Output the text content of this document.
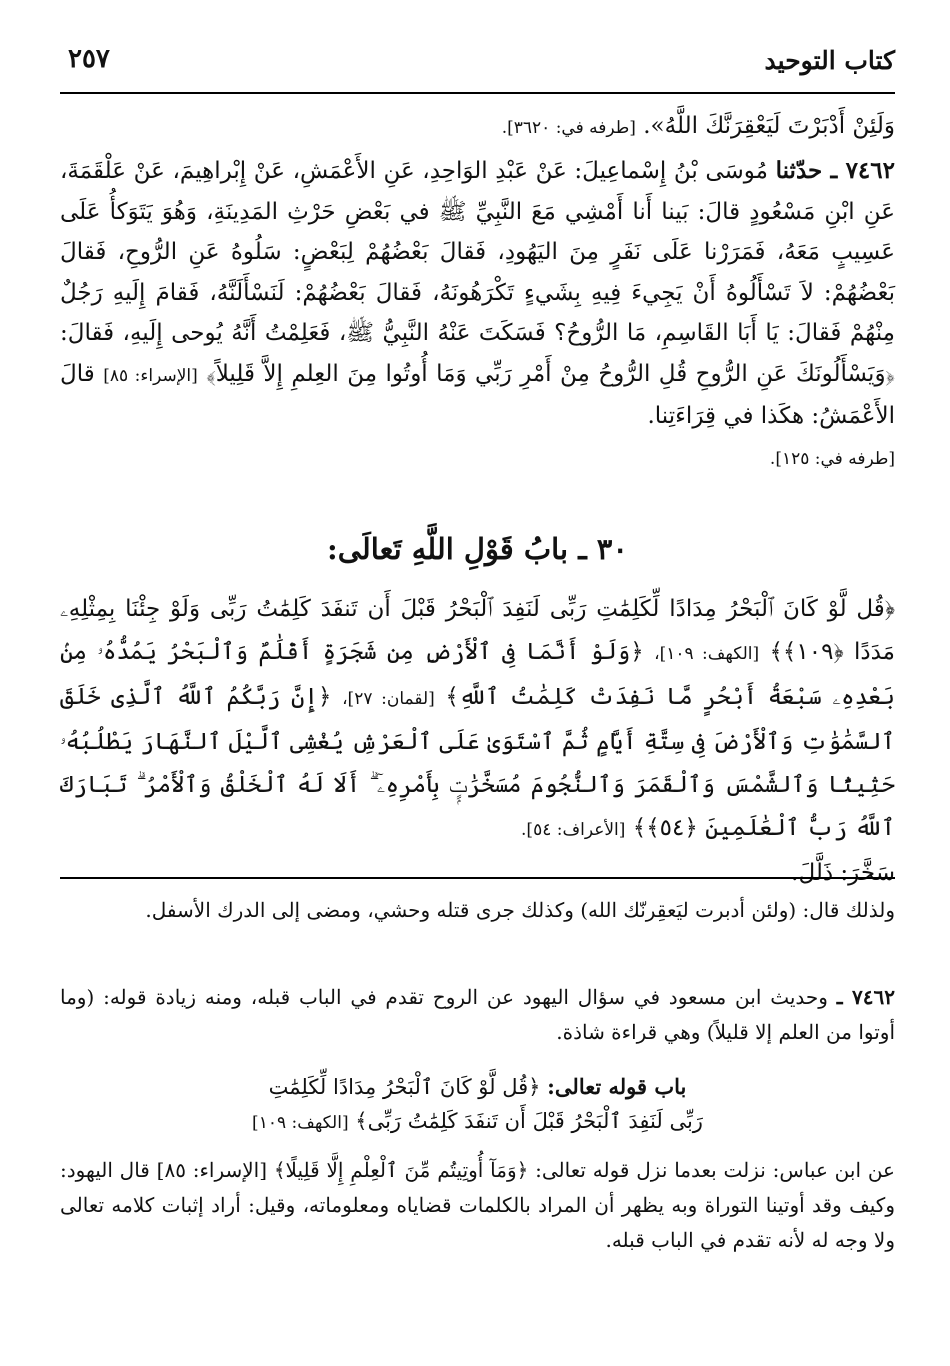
كتاب التوحيد
٢٥٧

وَلَئِنْ أَدْبَرْتَ لَيَعْقِرَنَّكَ اللَّهُ». [طرفه في: ٣٦٢٠].

٧٤٦٢ ـ حدّثنا مُوسَى بْنُ إِسْماعِيلَ: عَنْ عَبْدِ الوَاحِدِ، عَنِ الأَعْمَشِ، عَنْ إِبْراهِيمَ، عَنْ عَلْقَمَةَ، عَنِ ابْنِ مَسْعُودٍ قالَ: بَينا أَنا أَمْشِي مَعَ النَّبِيِّ ﷺ في بَعْضِ حَرْثِ المَدِينَةِ، وَهُوَ يَتَوَكأُ عَلَى عَسِيبٍ مَعَهُ، فَمَرَرْنا عَلَى نَفَرٍ مِنَ اليَهُودِ، فَقالَ بَعْضُهُمْ لِبَعْضٍ: سَلُوهُ عَنِ الرُّوحِ، فَقالَ بَعْضُهُمْ: لاَ تَسْأَلُوهُ أَنْ يَجِيءَ فِيهِ بِشَيءٍ تَكْرَهُونَهُ، فَقالَ بَعْضُهُمْ: لَنَسْأَلَنَّهُ، فَقامَ إِلَيهِ رَجُلٌ مِنْهُمْ فَقالَ: يَا أَبَا القَاسِمِ، مَا الرُّوحُ؟ فَسَكَتَ عَنْهُ النَّبِيُّ ﷺ، فَعَلِمْتُ أَنَّهُ يُوحى إِلَيهِ، فَقالَ: ﴿وَيَسْأَلُونَكَ عَنِ الرُّوحِ قُلِ الرُّوحُ مِنْ أَمْرِ رَبِّي وَمَا أُوتُوا مِنَ العِلمِ إِلاَّ قَلِيلاً﴾ [الإسراء: ٨٥] قالَ الأَعْمَشُ: هكَذا في قِرَاءَتِنا.
[طرفه في: ١٢٥].

٣٠ ـ بابُ قَوْلِ اللَّهِ تَعالَى:

﴿قُل لَّوْ كَانَ ٱلْبَحْرُ مِدَادًا لِّكَلِمَٰتِ رَبِّى لَنَفِدَ ٱلْبَحْرُ قَبْلَ أَن تَنفَدَ كَلِمَٰتُ رَبِّى وَلَوْ جِئْنَا بِمِثْلِهِۦ مَدَدًا ﴿١٠٩﴾﴾ [الكهف: ١٠٩]، ﴿وَلَوْ أَنَّمَا فِى ٱلْأَرْضِ مِن شَجَرَةٍ أَقْلَٰمٌ وَٱلْبَحْرُ يَمُدُّهُۥ مِنۢ بَعْدِهِۦ سَبْعَةُ أَبْحُرٍ مَّا نَفِدَتْ كَلِمَٰتُ ٱللَّهِ﴾ [لقمان: ٢٧]، ﴿إِنَّ رَبَّكُمُ ٱللَّهُ ٱلَّذِى خَلَقَ ٱلسَّمَٰوَٰتِ وَٱلْأَرْضَ فِى سِتَّةِ أَيَّامٍ ثُمَّ ٱسْتَوَىٰ عَلَى ٱلْعَرْشِ يُغْشِى ٱلَّيْلَ ٱلنَّهَارَ يَطْلُبُهُۥ حَثِيثًا وَٱلشَّمْسَ وَٱلْقَمَرَ وَٱلنُّجُومَ مُسَخَّرَٰتٍۭ بِأَمْرِهِۦٓ ۗ أَلَا لَهُ ٱلْخَلْقُ وَٱلْأَمْرُ ۗ تَبَارَكَ ٱللَّهُ رَبُّ ٱلْعَٰلَمِينَ ﴿٥٤﴾﴾ [الأعراف: ٥٤].
سَخَّرَ: ذَلَّلَ.

ولذلك قال: (ولئن أدبرت ليَعقِرنّك الله) وكذلك جرى قتله وحشي، ومضى إلى الدرك الأسفل.

٧٤٦٢ ـ وحديث ابن مسعود في سؤال اليهود عن الروح تقدم في الباب قبله، ومنه زيادة قوله: (وما أوتوا من العلم إلا قليلاً) وهي قراءة شاذة.

باب قوله تعالى: ﴿قُل لَّوْ كَانَ ٱلْبَحْرُ مِدَادًا لِّكَلِمَٰتِ
رَبِّى لَنَفِدَ ٱلْبَحْرُ قَبْلَ أَن تَنفَدَ كَلِمَٰتُ رَبِّى﴾ [الكهف: ١٠٩]

عن ابن عباس: نزلت بعدما نزل قوله تعالى: ﴿وَمَآ أُوتِيتُم مِّنَ ٱلْعِلْمِ إِلَّا قَلِيلًا﴾ [الإسراء: ٨٥] قال اليهود: وكيف وقد أوتينا التوراة وبه يظهر أن المراد بالكلمات قضاياه ومعلوماته، وقيل: أراد إثبات كلامه تعالى ولا وجه له لأنه تقدم في الباب قبله.
